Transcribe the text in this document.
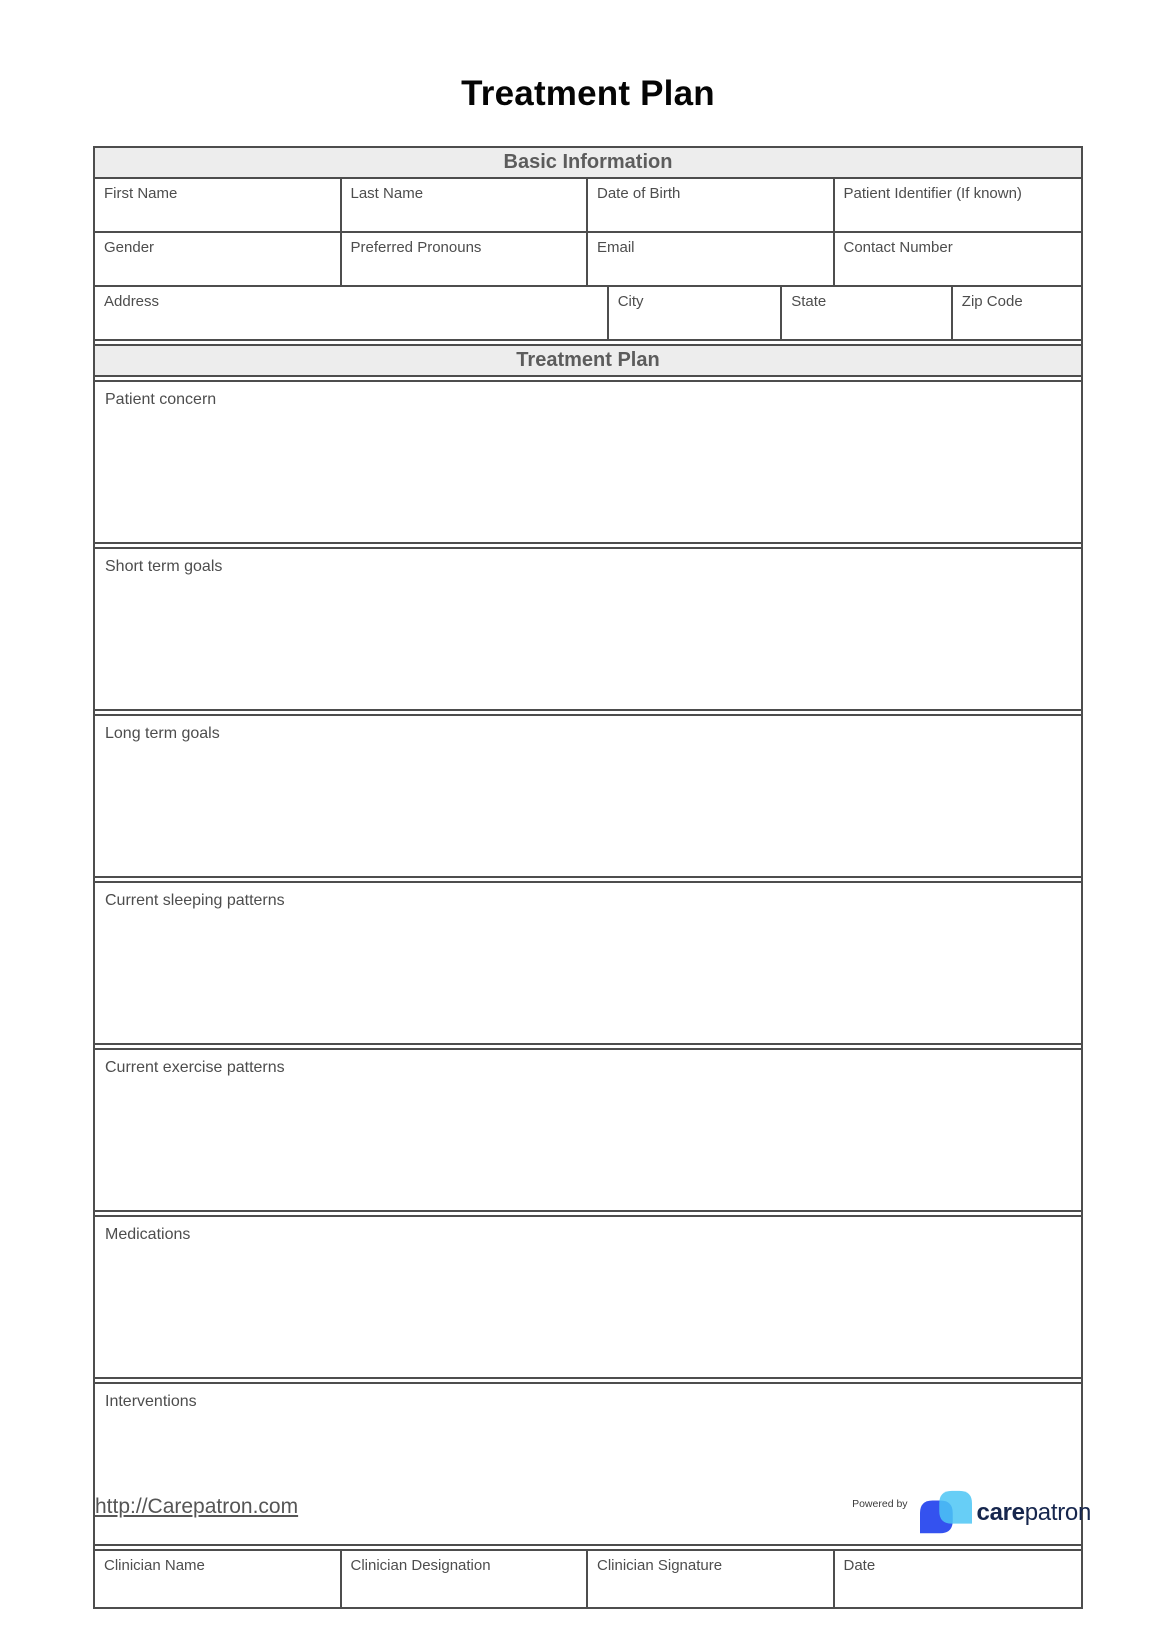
Treatment Plan
Basic Information
First Name	Last Name	Date of Birth	Patient Identifier (If known)
Gender	Preferred Pronouns	Email	Contact Number
Address	City	State	Zip Code
Treatment Plan
Patient concern
Short term goals
Long term goals
Current sleeping patterns
Current exercise patterns
Medications
Interventions
Clinician Name	Clinician Designation	Clinician Signature	Date
http://Carepatron.com	Powered by	carepatron
